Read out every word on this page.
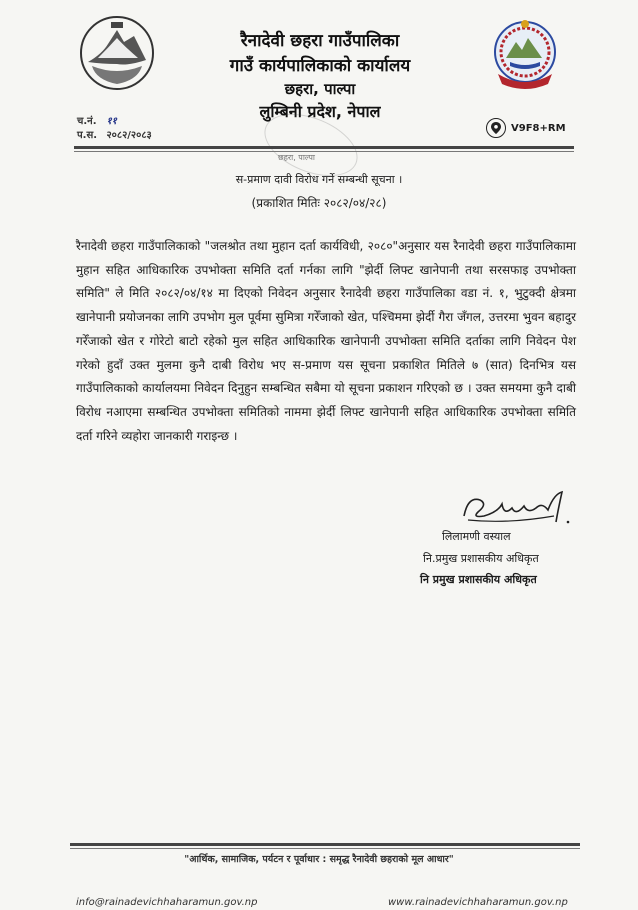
रैनादेवी छहरा गाउँपालिका
गाउँ कार्यपालिकाको कार्यालय
छहरा, पाल्पा
लुम्बिनी प्रदेश, नेपाल
च.नं. ११
प.स. २०८२/२०८३
V9F8+RM
छहरा, पाल्पा
स-प्रमाण दावी विरोध गर्ने सम्बन्धी सूचना ।
(प्रकाशित मितिः २०८२/०४/२८)

रैनादेवी छहरा गाउँपालिकाको "जलश्रोत तथा मुहान दर्ता कार्यविधी, २०८०"अनुसार यस रैनादेवी छहरा गाउँपालिकामा मुहान सहित आधिकारिक उपभोक्ता समिति दर्ता गर्नका लागि "झेर्दी लिफ्ट खानेपानी तथा सरसफाइ उपभोक्ता समिति" ले मिति २०८२/०४/१४ मा दिएको निवेदन अनुसार रैनादेवी छहरा गाउँपालिका वडा नं. १, भुटुक्दी क्षेत्रमा खानेपानी प्रयोजनका लागि उपभोग मुल पूर्वमा सुमित्रा गरेँजाको खेत, पश्चिममा झेर्दी गैरा जँगल, उत्तरमा भुवन बहादुर गरेँजाको खेत र गोरेटो बाटो रहेको मुल सहित आधिकारिक खानेपानी उपभोक्ता समिति दर्ताका लागि निवेदन पेश गरेको हुदाँ उक्त मुलमा कुनै दाबी विरोध भए स-प्रमाण यस सूचना प्रकाशित मितिले ७ (सात) दिनभित्र यस गाउँपालिकाको कार्यालयमा निवेदन दिनुहुन सम्बन्धित सबैमा यो सूचना प्रकाशन गरिएको छ । उक्त समयमा कुनै दाबी विरोध नआएमा सम्बन्धित उपभोक्ता समितिको नाममा झेर्दी लिफ्ट खानेपानी सहित आधिकारिक उपभोक्ता समिति दर्ता गरिने व्यहोरा जानकारी गराइन्छ ।

लिलामणी वस्याल
नि.प्रमुख प्रशासकीय अधिकृत
नि प्रमुख प्रशासकीय अधिकृत
"आर्थिक, सामाजिक, पर्यटन र पूर्वाधार : समृद्ध रैनादेवी छहराको मूल आधार"
info@rainadevichhaharamun.gov.np	www.rainadevichhaharamun.gov.np
